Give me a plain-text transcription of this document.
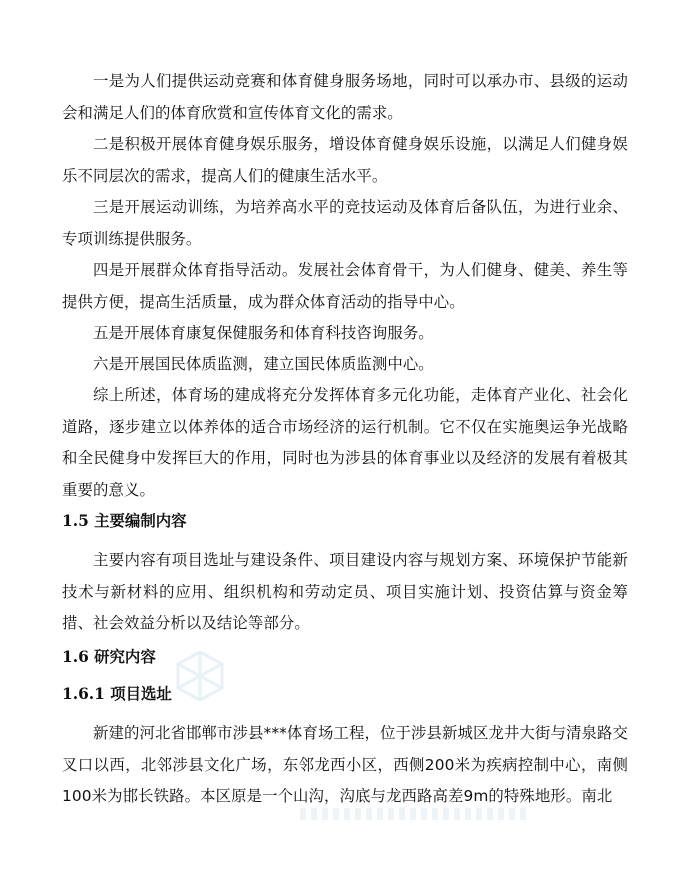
一是为人们提供运动竞赛和体育健身服务场地，同时可以承办市、县级的运动会和满足人们的体育欣赏和宣传体育文化的需求。

二是积极开展体育健身娱乐服务，增设体育健身娱乐设施，以满足人们健身娱乐不同层次的需求，提高人们的健康生活水平。

三是开展运动训练，为培养高水平的竞技运动及体育后备队伍，为进行业余、专项训练提供服务。

四是开展群众体育指导活动。发展社会体育骨干，为人们健身、健美、养生等提供方便，提高生活质量，成为群众体育活动的指导中心。

五是开展体育康复保健服务和体育科技咨询服务。

六是开展国民体质监测，建立国民体质监测中心。

综上所述，体育场的建成将充分发挥体育多元化功能，走体育产业化、社会化道路，逐步建立以体养体的适合市场经济的运行机制。它不仅在实施奥运争光战略和全民健身中发挥巨大的作用，同时也为涉县的体育事业以及经济的发展有着极其重要的意义。

1.5 主要编制内容

主要内容有项目选址与建设条件、项目建设内容与规划方案、环境保护节能新技术与新材料的应用、组织机构和劳动定员、项目实施计划、投资估算与资金筹措、社会效益分析以及结论等部分。

1.6 研究内容
1.6.1 项目选址

新建的河北省邯郸市涉县***体育场工程，位于涉县新城区龙井大街与清泉路交叉口以西，北邻涉县文化广场，东邻龙西小区，西侧200米为疾病控制中心，南侧100米为邯长铁路。本区原是一个山沟，沟底与龙西路高差9m的特殊地形。南北
